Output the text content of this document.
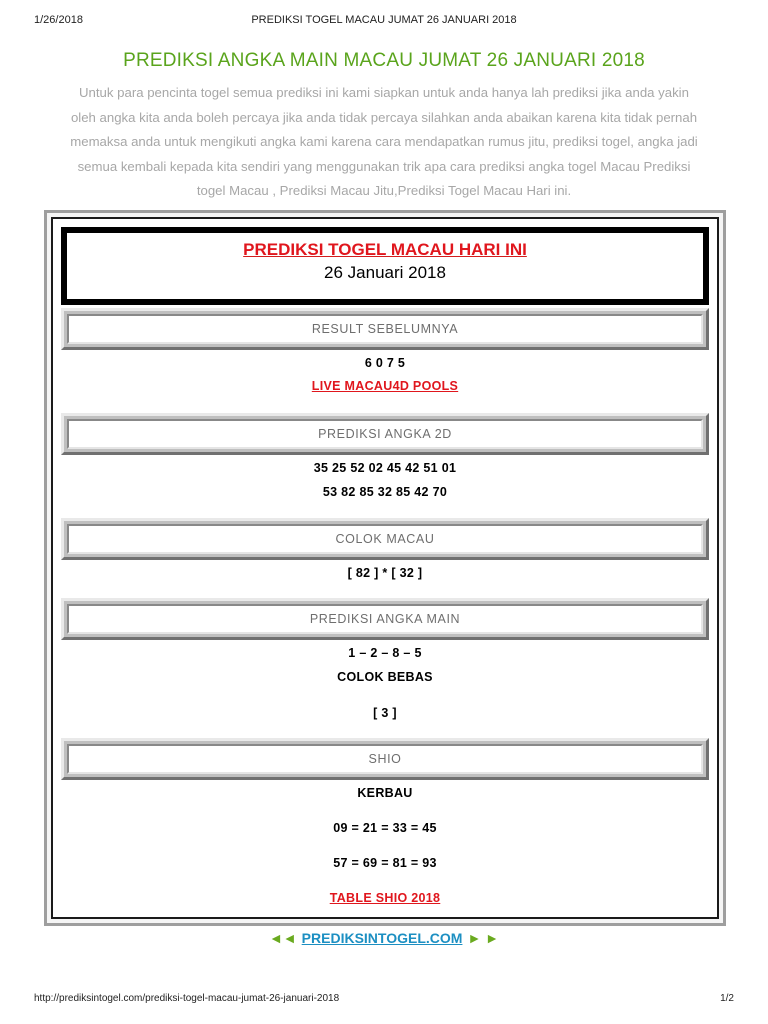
1/26/2018	PREDIKSI TOGEL MACAU JUMAT 26 JANUARI 2018
PREDIKSI ANGKA MAIN MACAU JUMAT 26 JANUARI 2018
Untuk para pencinta togel semua prediksi ini kami siapkan untuk anda hanya lah prediksi jika anda yakin
oleh angka kita anda boleh percaya jika anda tidak percaya silahkan anda abaikan karena kita tidak pernah
memaksa anda untuk mengikuti angka kami karena cara mendapatkan rumus jitu, prediksi togel, angka jadi
semua kembali kepada kita sendiri yang menggunakan trik apa cara prediksi angka togel Macau Prediksi
togel Macau , Prediksi Macau Jitu,Prediksi Togel Macau Hari ini.
PREDIKSI TOGEL MACAU HARI INI
26 Januari 2018
RESULT SEBELUMNYA
6 0 7 5
LIVE MACAU4D POOLS
PREDIKSI ANGKA 2D
35 25 52 02 45 42 51 01
53 82 85 32 85 42 70
COLOK MACAU
[ 82 ] * [ 32 ]
PREDIKSI ANGKA MAIN
1 – 2 – 8 – 5
COLOK BEBAS
[ 3 ]
SHIO
KERBAU
09 = 21 = 33 = 45
57 = 69 = 81 = 93
TABLE SHIO 2018
◄◄ PREDIKSINTOGEL.COM ► ►
http://prediksintogel.com/prediksi-togel-macau-jumat-26-januari-2018	1/2
